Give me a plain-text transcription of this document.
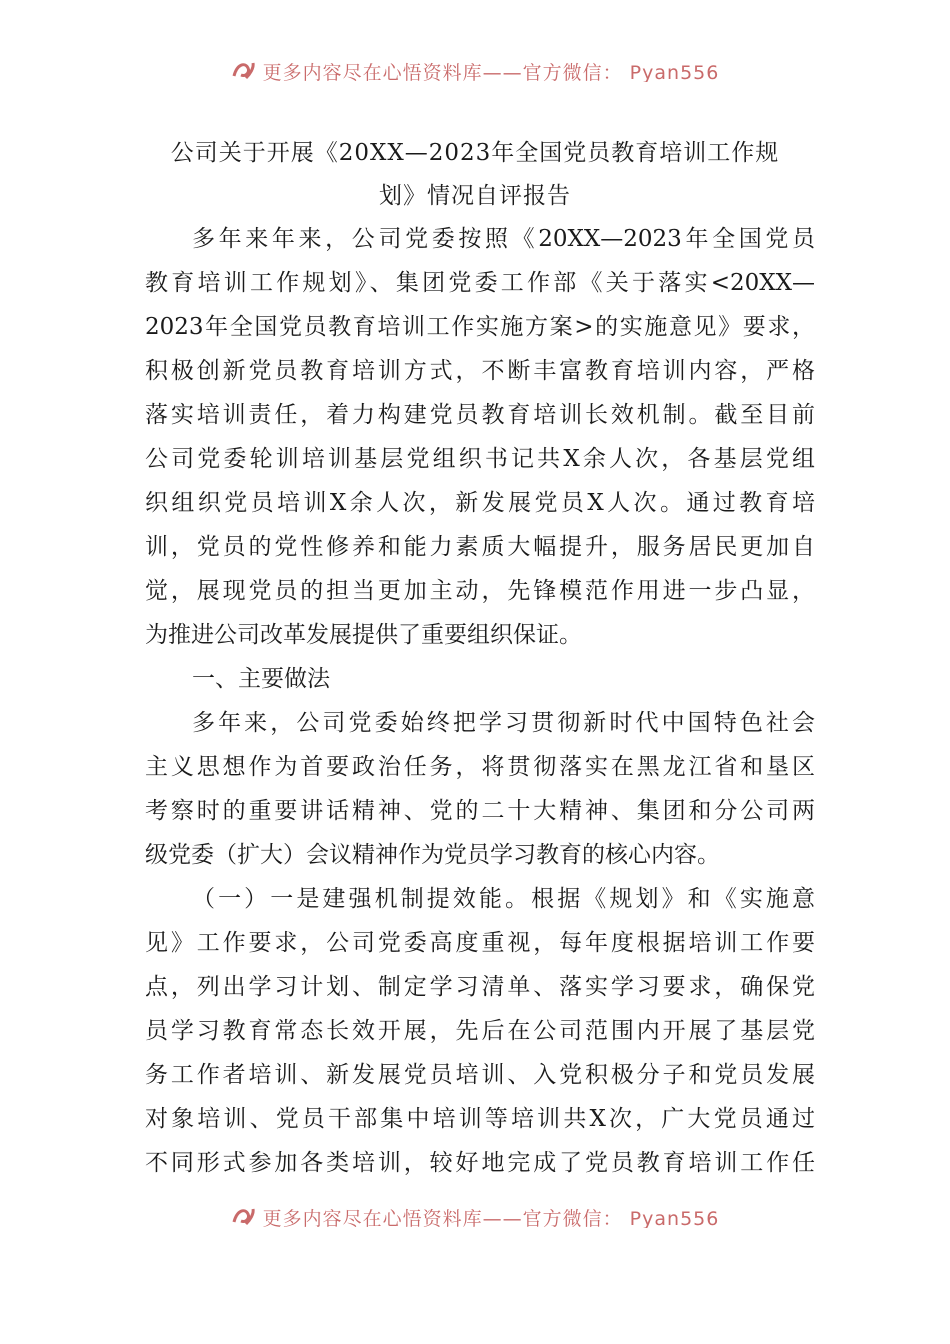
更多内容尽在心悟资料库——官方微信： Pyan556
公司关于开展《20XX—2023年全国党员教育培训工作规
划》情况自评报告
多年来年来，公司党委按照《20XX—2023年全国党员
教育培训工作规划》、集团党委工作部《关于落实<20XX—
2023年全国党员教育培训工作实施方案>的实施意见》要求，
积极创新党员教育培训方式，不断丰富教育培训内容，严格
落实培训责任，着力构建党员教育培训长效机制。截至目前
公司党委轮训培训基层党组织书记共X余人次，各基层党组
织组织党员培训X余人次，新发展党员X人次。通过教育培
训，党员的党性修养和能力素质大幅提升，服务居民更加自
觉，展现党员的担当更加主动，先锋模范作用进一步凸显，
为推进公司改革发展提供了重要组织保证。
一、主要做法
多年来，公司党委始终把学习贯彻新时代中国特色社会
主义思想作为首要政治任务，将贯彻落实在黑龙江省和垦区
考察时的重要讲话精神、党的二十大精神、集团和分公司两
级党委（扩大）会议精神作为党员学习教育的核心内容。
（一）一是建强机制提效能。根据《规划》和《实施意
见》工作要求，公司党委高度重视，每年度根据培训工作要
点，列出学习计划、制定学习清单、落实学习要求，确保党
员学习教育常态长效开展，先后在公司范围内开展了基层党
务工作者培训、新发展党员培训、入党积极分子和党员发展
对象培训、党员干部集中培训等培训共X次，广大党员通过
不同形式参加各类培训，较好地完成了党员教育培训工作任
更多内容尽在心悟资料库——官方微信： Pyan556
